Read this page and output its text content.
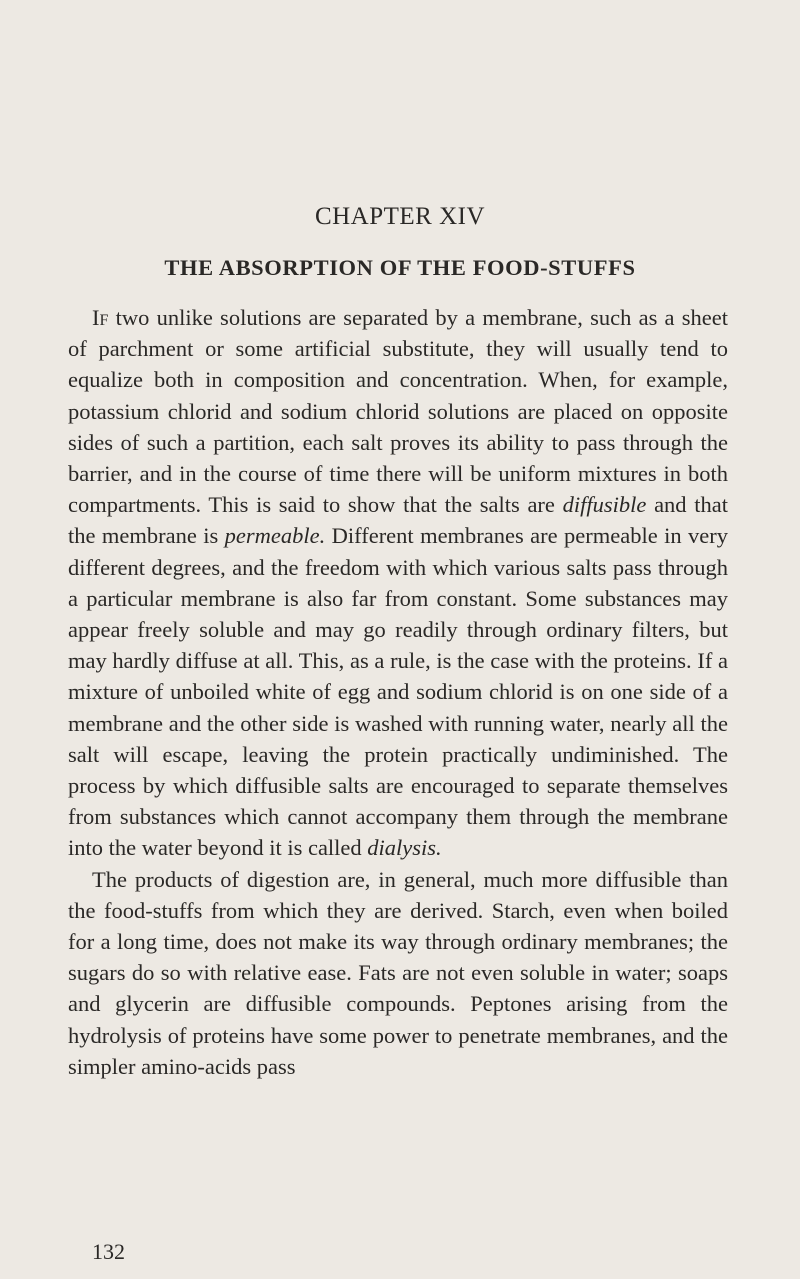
CHAPTER XIV
THE ABSORPTION OF THE FOOD-STUFFS

If two unlike solutions are separated by a membrane, such as a sheet of parchment or some artificial substitute, they will usually tend to equalize both in composition and concentration. When, for example, potassium chlorid and sodium chlorid solutions are placed on opposite sides of such a partition, each salt proves its ability to pass through the barrier, and in the course of time there will be uniform mixtures in both compartments. This is said to show that the salts are diffusible and that the membrane is permeable. Different membranes are permeable in very different degrees, and the freedom with which various salts pass through a particular membrane is also far from constant. Some substances may appear freely soluble and may go readily through ordinary filters, but may hardly diffuse at all. This, as a rule, is the case with the proteins. If a mixture of unboiled white of egg and sodium chlorid is on one side of a membrane and the other side is washed with running water, nearly all the salt will escape, leaving the protein practically undiminished. The process by which diffusible salts are encouraged to separate themselves from substances which cannot accompany them through the membrane into the water beyond it is called dialysis.

The products of digestion are, in general, much more diffusible than the food-stuffs from which they are derived. Starch, even when boiled for a long time, does not make its way through ordinary membranes; the sugars do so with relative ease. Fats are not even soluble in water; soaps and glycerin are diffusible compounds. Peptones arising from the hydrolysis of proteins have some power to penetrate membranes, and the simpler amino-acids pass

132
